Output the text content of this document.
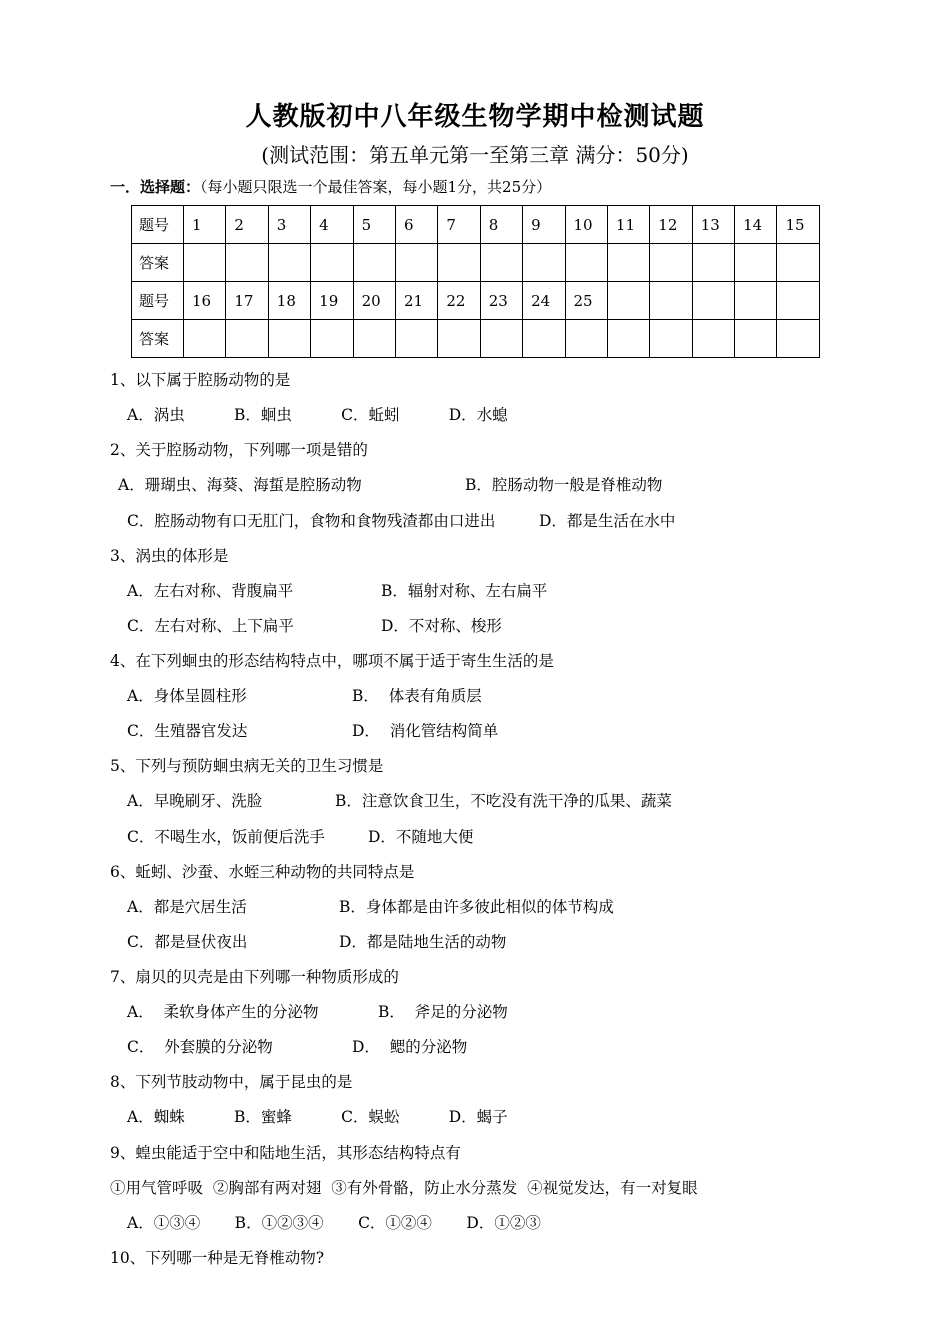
人教版初中八年级生物学期中检测试题
(测试范围：第五单元第一至第三章 满分：50分)
一．选择题：（每小题只限选一个最佳答案，每小题1分，共25分）
题号	1	2	3	4	5	6	7	8	9	10	11	12	13	14	15
答案															
题号	16	17	18	19	20	21	22	23	24	25					
答案															
1、以下属于腔肠动物的是
A．涡虫          B．蛔虫          C．蚯蚓          D．水螅
2、关于腔肠动物，下列哪一项是错的
A．珊瑚虫、海葵、海蜇是腔肠动物	B．腔肠动物一般是脊椎动物
C．腔肠动物有口无肛门，食物和食物残渣都由口进出	D．都是生活在水中
3、涡虫的体形是
A．左右对称、背腹扁平	B．辐射对称、左右扁平
C．左右对称、上下扁平	D．不对称、梭形
4、在下列蛔虫的形态结构特点中，哪项不属于适于寄生生活的是
A．身体呈圆柱形	B．  体表有角质层
C．生殖器官发达	D．  消化管结构简单
5、下列与预防蛔虫病无关的卫生习惯是
A．早晚刷牙、洗脸	B．注意饮食卫生，不吃没有洗干净的瓜果、蔬菜
C．不喝生水，饭前便后洗手	D．不随地大便
6、蚯蚓、沙蚕、水蛭三种动物的共同特点是
A．都是穴居生活	B．身体都是由许多彼此相似的体节构成
C．都是昼伏夜出	D．都是陆地生活的动物
7、扇贝的贝壳是由下列哪一种物质形成的
A．  柔软身体产生的分泌物	B．  斧足的分泌物
C．  外套膜的分泌物	D．  鳃的分泌物
8、下列节肢动物中，属于昆虫的是
A．蜘蛛          B．蜜蜂          C．蜈蚣          D．蝎子
9、蝗虫能适于空中和陆地生活，其形态结构特点有
①用气管呼吸  ②胸部有两对翅  ③有外骨骼，防止水分蒸发  ④视觉发达，有一对复眼
A．①③④       B．①②③④       C．①②④       D．①②③
10、下列哪一种是无脊椎动物?
